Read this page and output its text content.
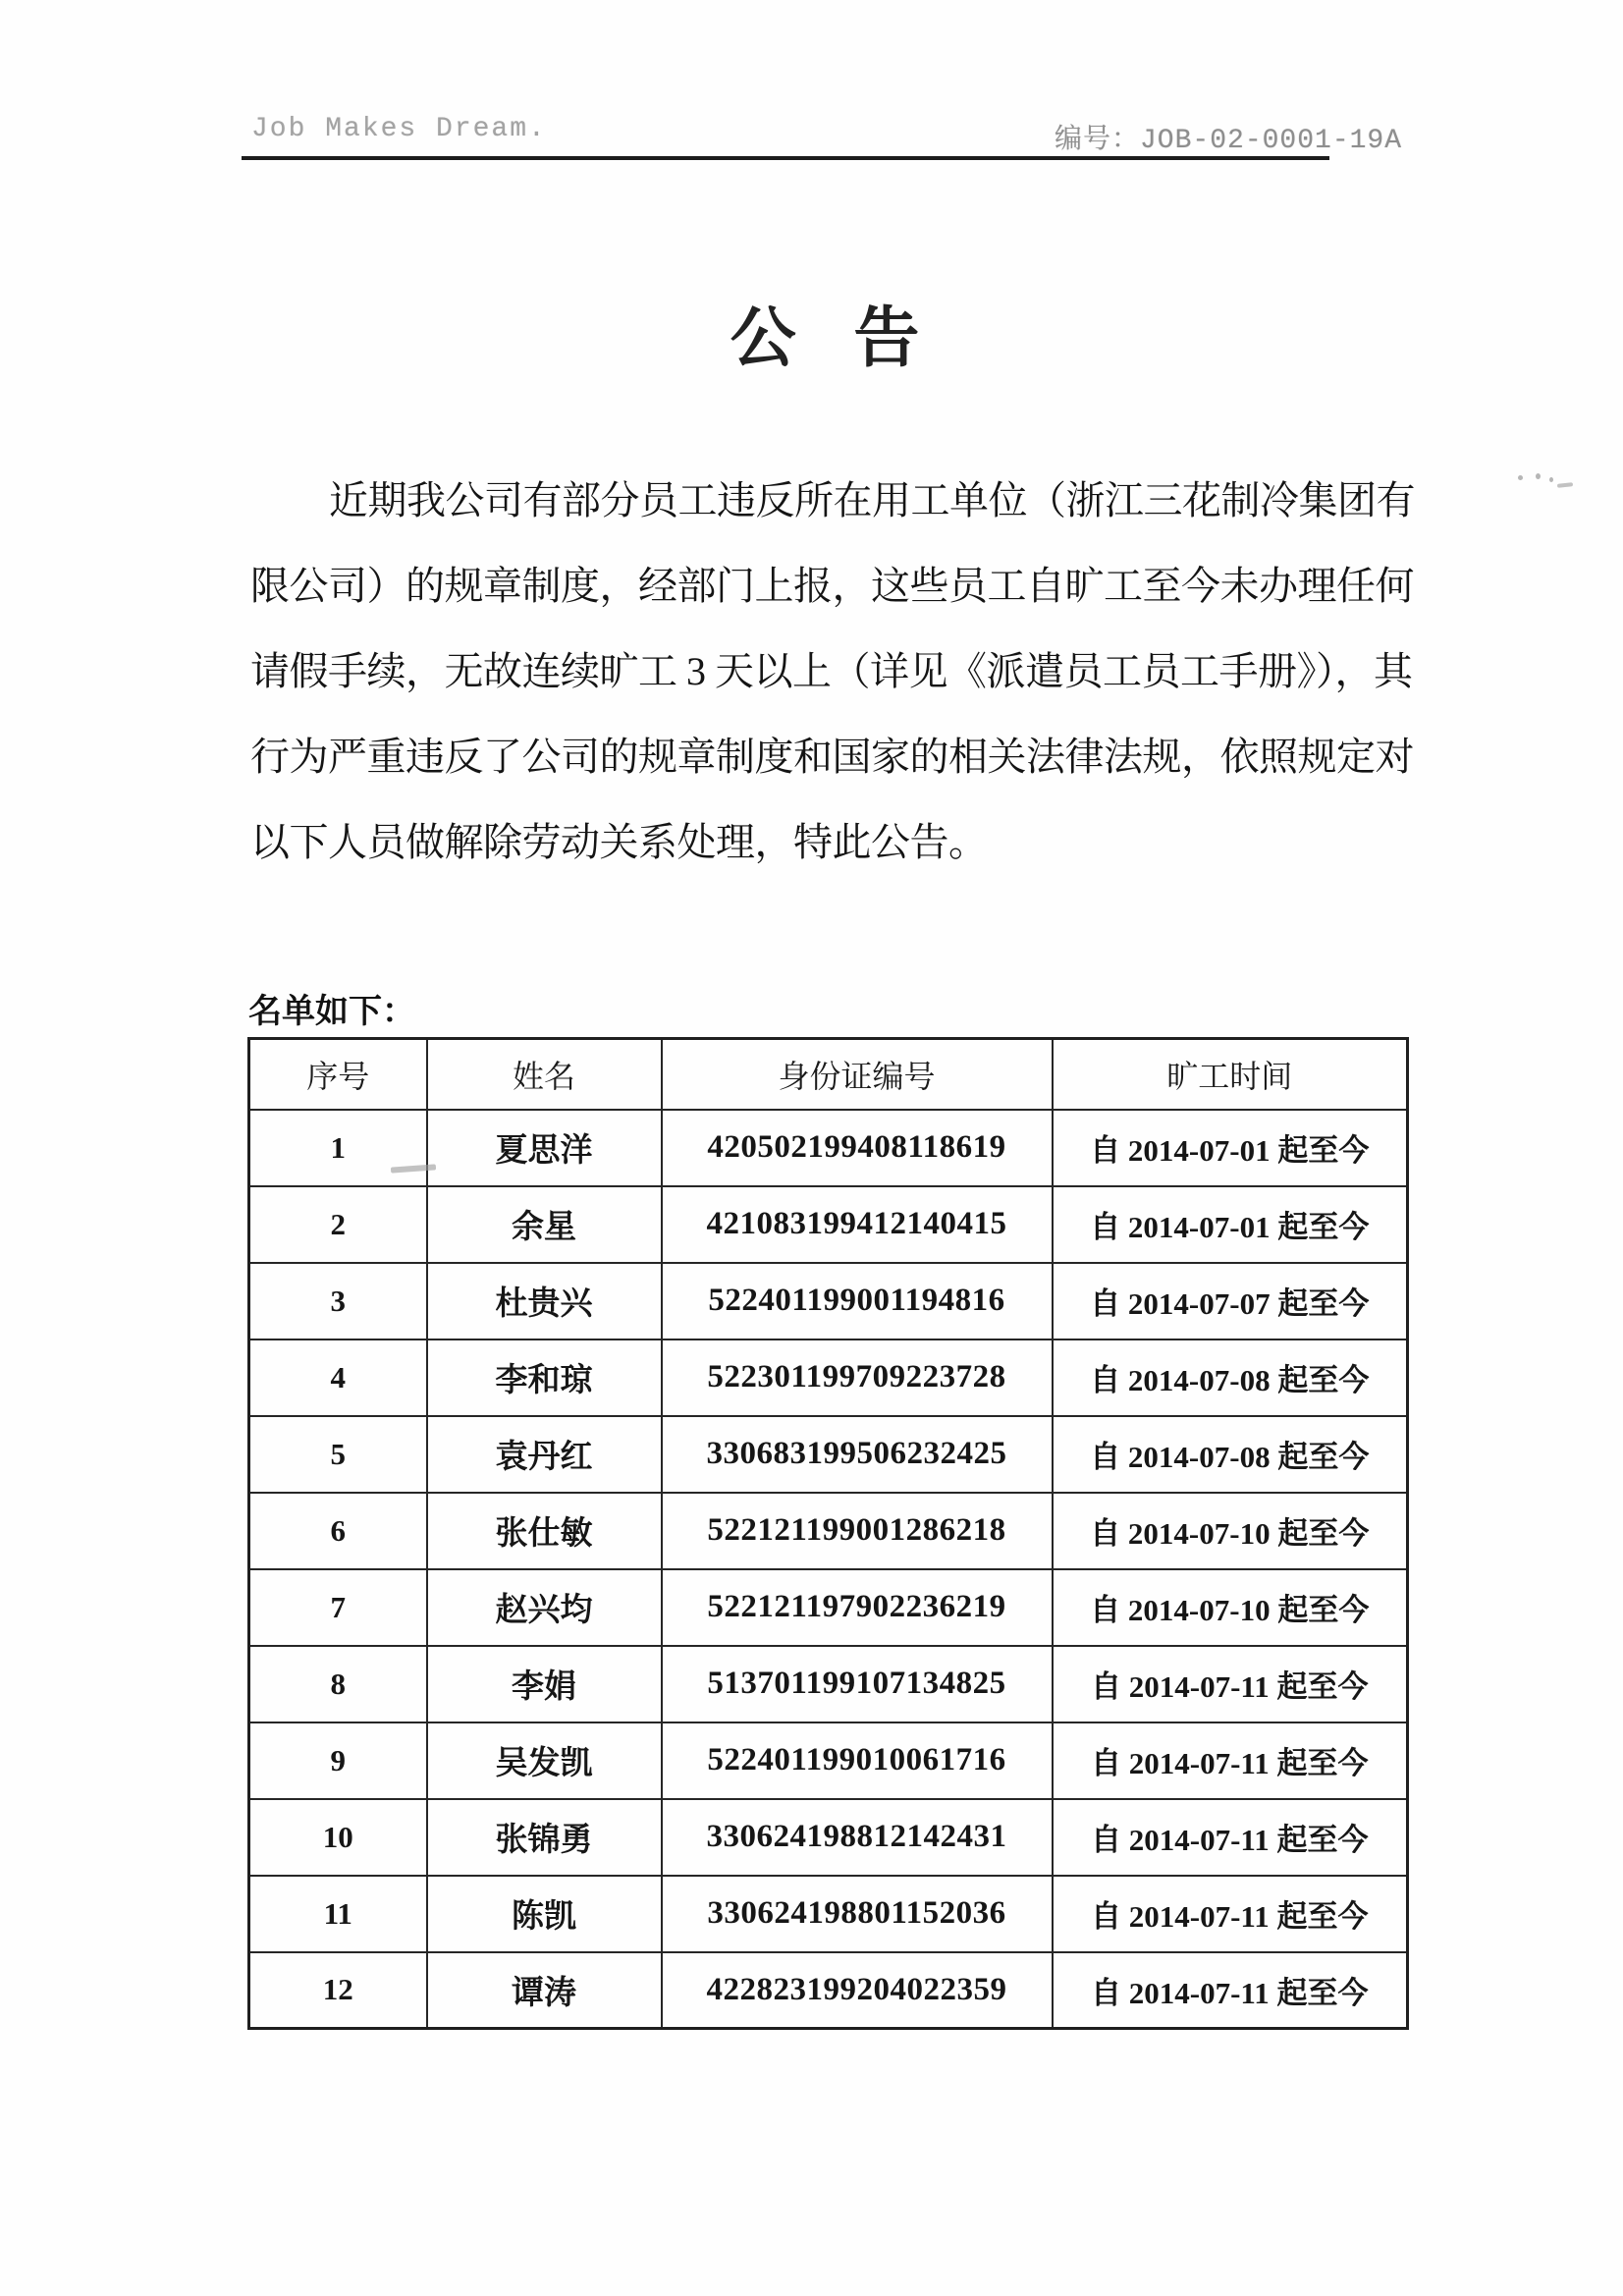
Job Makes Dream.	编号：JOB-02-0001-19A
公 告
近期我公司有部分员工违反所在用工单位（浙江三花制冷集团有
限公司）的规章制度，经部门上报，这些员工自旷工至今未办理任何
请假手续，无故连续旷工 3 天以上（详见《派遣员工员工手册》），其
行为严重违反了公司的规章制度和国家的相关法律法规，依照规定对
以下人员做解除劳动关系处理，特此公告。
名单如下：
序号	姓名	身份证编号	旷工时间
1	夏思洋	420502199408118619	自 2014-07-01 起至今
2	余星	421083199412140415	自 2014-07-01 起至今
3	杜贵兴	522401199001194816	自 2014-07-07 起至今
4	李和琼	522301199709223728	自 2014-07-08 起至今
5	袁丹红	330683199506232425	自 2014-07-08 起至今
6	张仕敏	522121199001286218	自 2014-07-10 起至今
7	赵兴均	522121197902236219	自 2014-07-10 起至今
8	李娟	513701199107134825	自 2014-07-11 起至今
9	吴发凯	522401199010061716	自 2014-07-11 起至今
10	张锦勇	330624198812142431	自 2014-07-11 起至今
11	陈凯	330624198801152036	自 2014-07-11 起至今
12	谭涛	422823199204022359	自 2014-07-11 起至今
